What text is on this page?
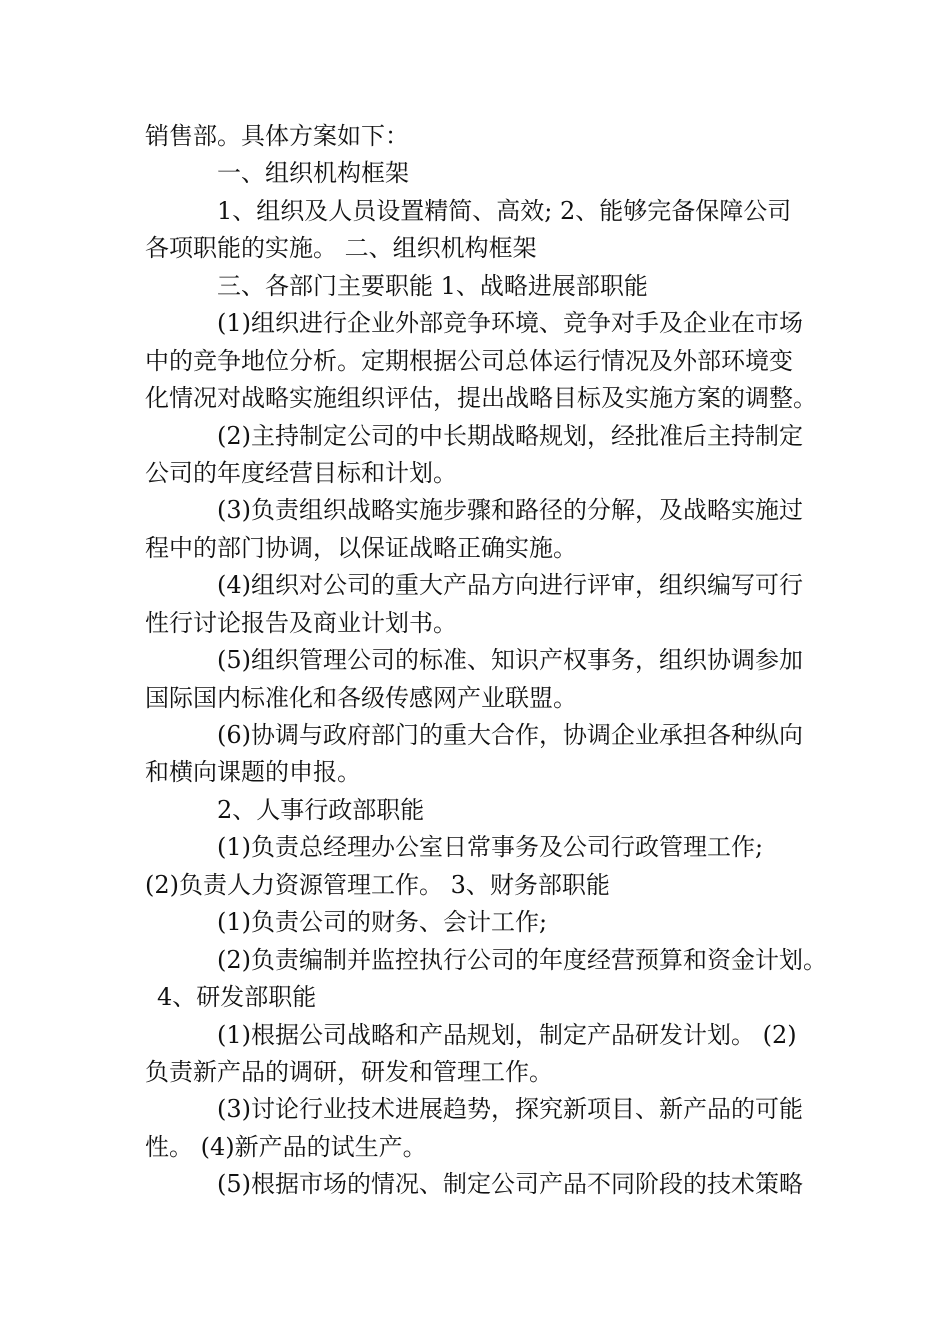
销售部。具体方案如下：
一、组织机构框架
1、组织及人员设置精简、高效; 2、能够完备保障公司
各项职能的实施。 二、组织机构框架
三、各部门主要职能 1、战略进展部职能
(1)组织进行企业外部竞争环境、竞争对手及企业在市场
中的竞争地位分析。定期根据公司总体运行情况及外部环境变
化情况对战略实施组织评估，提出战略目标及实施方案的调整。
(2)主持制定公司的中长期战略规划，经批准后主持制定
公司的年度经营目标和计划。
(3)负责组织战略实施步骤和路径的分解，及战略实施过
程中的部门协调，以保证战略正确实施。
(4)组织对公司的重大产品方向进行评审，组织编写可行
性行讨论报告及商业计划书。
(5)组织管理公司的标准、知识产权事务，组织协调参加
国际国内标准化和各级传感网产业联盟。
(6)协调与政府部门的重大合作，协调企业承担各种纵向
和横向课题的申报。
2、人事行政部职能
(1)负责总经理办公室日常事务及公司行政管理工作;
(2)负责人力资源管理工作。 3、财务部职能
(1)负责公司的财务、会计工作;
(2)负责编制并监控执行公司的年度经营预算和资金计划。
4、研发部职能
(1)根据公司战略和产品规划，制定产品研发计划。 (2)
负责新产品的调研，研发和管理工作。
(3)讨论行业技术进展趋势，探究新项目、新产品的可能
性。 (4)新产品的试生产。
(5)根据市场的情况、制定公司产品不同阶段的技术策略
